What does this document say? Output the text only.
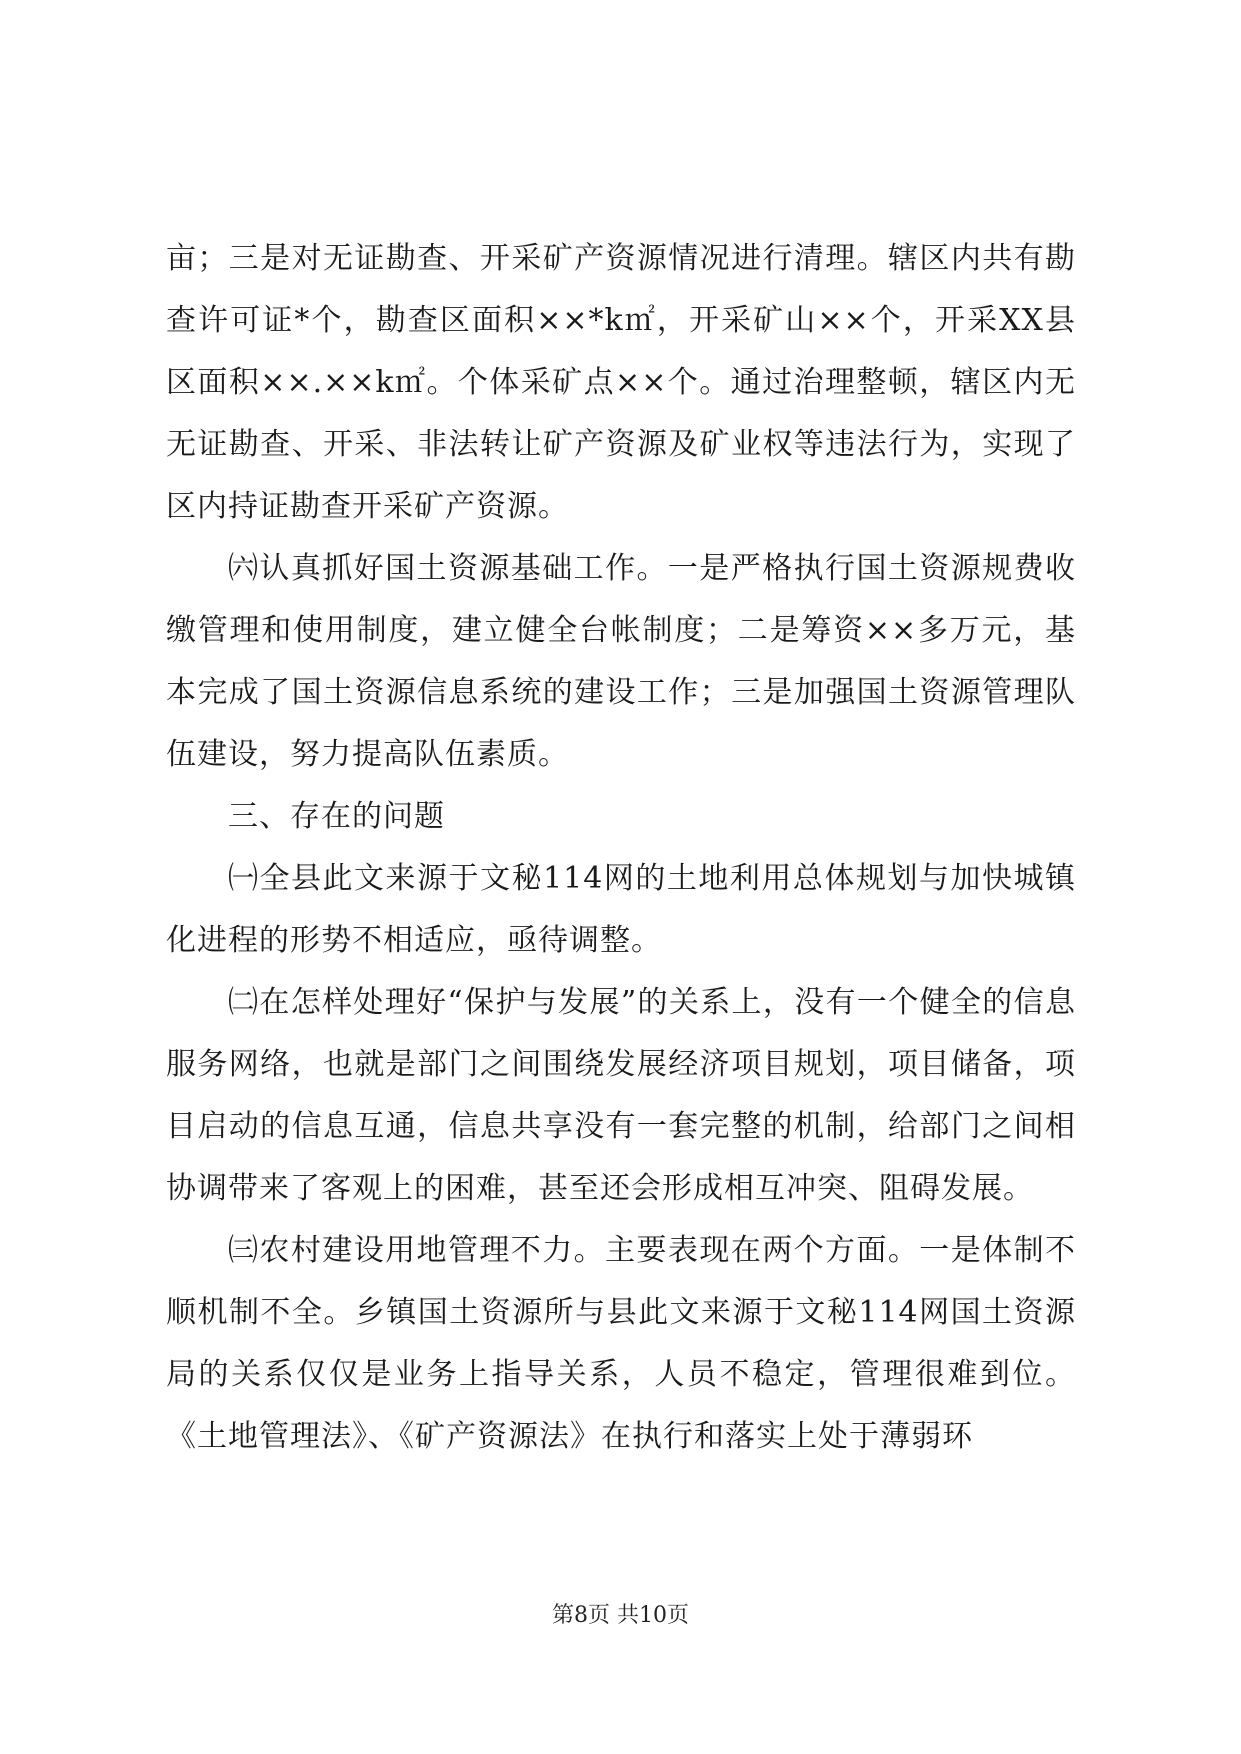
亩；三是对无证勘查、开采矿产资源情况进行清理。辖区内共有勘查许可证*个，勘查区面积××*k㎡，开采矿山××个，开采XX县区面积××.××k㎡。个体采矿点××个。通过治理整顿，辖区内无无证勘查、开采、非法转让矿产资源及矿业权等违法行为，实现了区内持证勘查开采矿产资源。

㈥认真抓好国土资源基础工作。一是严格执行国土资源规费收缴管理和使用制度，建立健全台帐制度；二是筹资××多万元，基本完成了国土资源信息系统的建设工作；三是加强国土资源管理队伍建设，努力提高队伍素质。

三、存在的问题

㈠全县此文来源于文秘114网的土地利用总体规划与加快城镇化进程的形势不相适应，亟待调整。

㈡在怎样处理好“保护与发展”的关系上，没有一个健全的信息服务网络，也就是部门之间围绕发展经济项目规划，项目储备，项目启动的信息互通，信息共享没有一套完整的机制，给部门之间相协调带来了客观上的困难，甚至还会形成相互冲突、阻碍发展。

㈢农村建设用地管理不力。主要表现在两个方面。一是体制不顺机制不全。乡镇国土资源所与县此文来源于文秘114网国土资源局的关系仅仅是业务上指导关系，人员不稳定，管理很难到位。《土地管理法》、《矿产资源法》在执行和落实上处于薄弱环

第8页 共10页
